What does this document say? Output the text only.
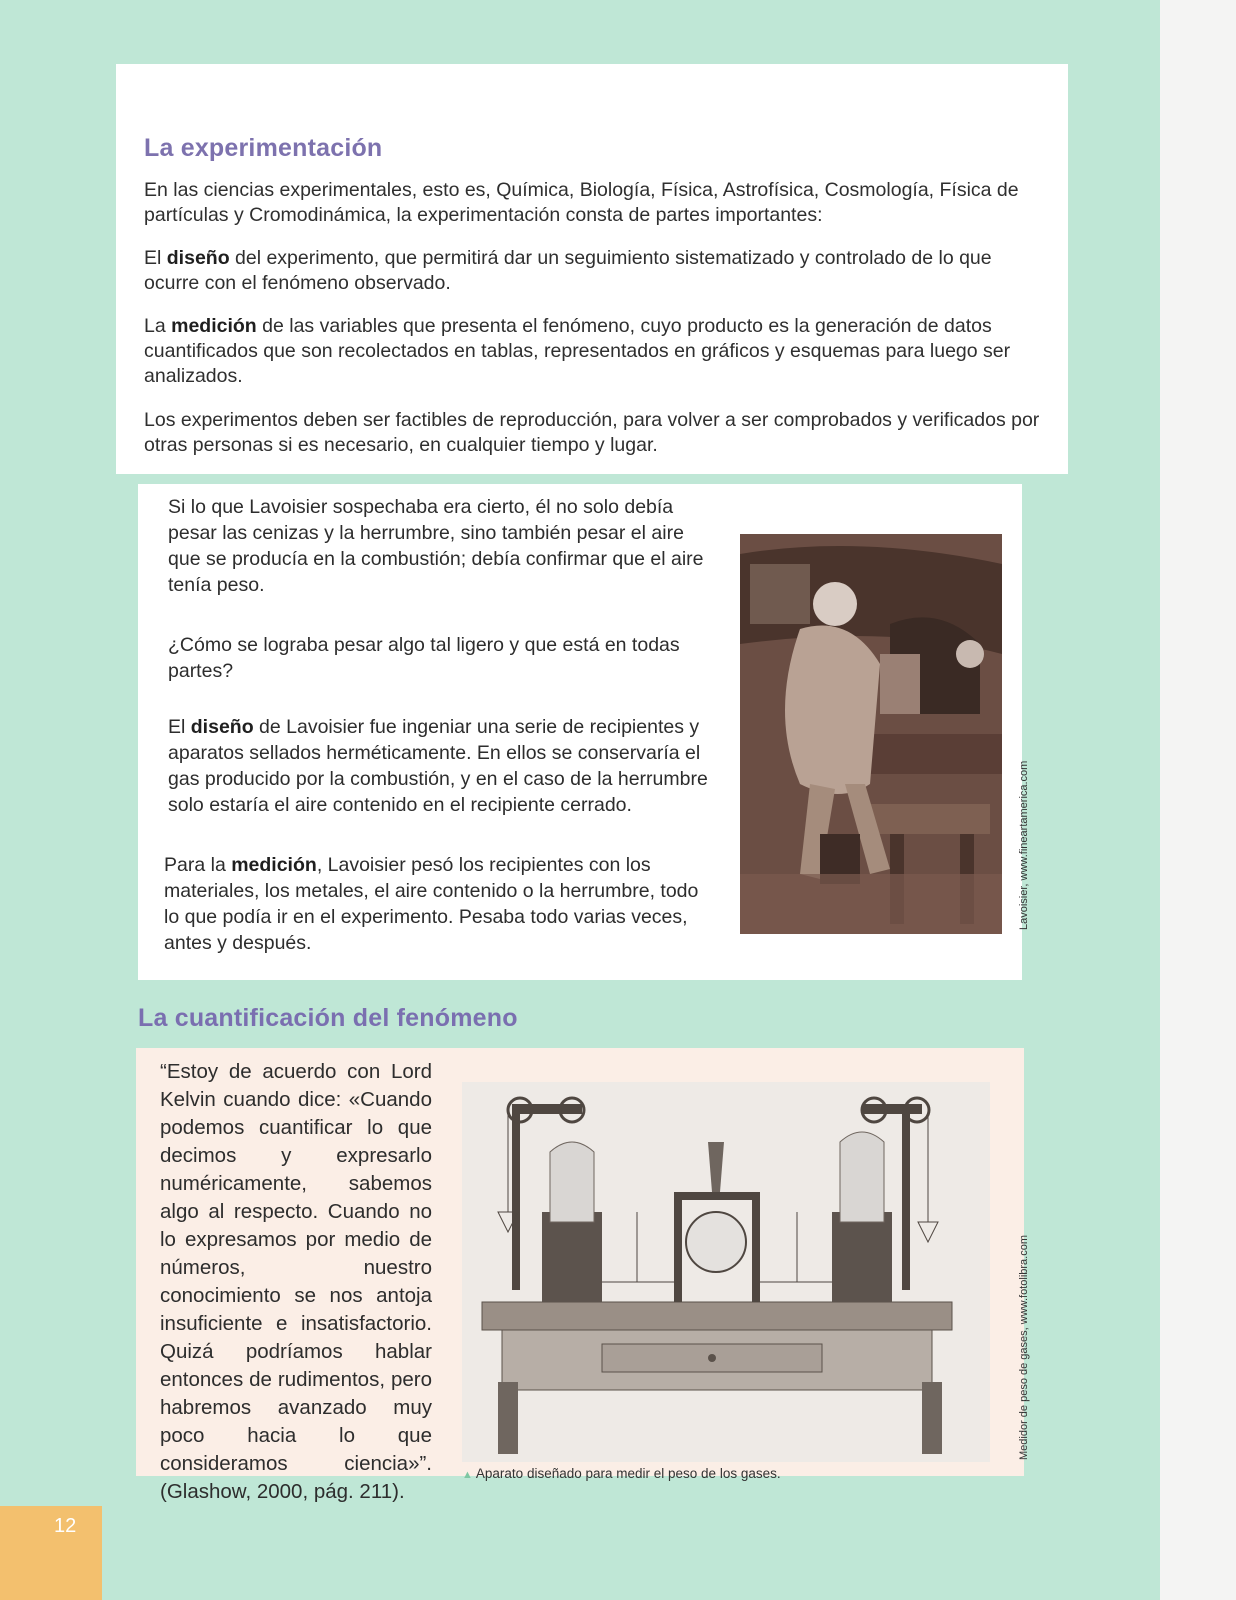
La experimentación

En las ciencias experimentales, esto es, Química, Biología, Física, Astrofísica, Cosmología, Física de partículas y Cromodinámica, la experimentación consta de partes importantes:

El diseño del experimento, que permitirá dar un seguimiento sistematizado y controlado de lo que ocurre con el fenómeno observado.

La medición de las variables que presenta el fenómeno, cuyo producto es la generación de datos cuantificados que son recolectados en tablas, representados en gráficos y esquemas para luego ser analizados.

Los experimentos deben ser factibles de reproducción, para volver a ser comprobados y verificados por otras personas si es necesario, en cualquier tiempo y lugar.

Si lo que Lavoisier sospechaba era cierto, él no solo debía pesar las cenizas y la herrumbre, sino también pesar el aire que se producía en la combustión; debía confirmar que el aire tenía peso.

¿Cómo se lograba pesar algo tal ligero y que está en todas partes?

El diseño de Lavoisier fue ingeniar una serie de recipientes y aparatos sellados herméticamente. En ellos se conservaría el gas producido por la combustión, y en el caso de la herrumbre solo estaría el aire contenido en el recipiente cerrado.

Para la medición, Lavoisier pesó los recipientes con los materiales, los metales, el aire contenido o la herrumbre, todo lo que podía ir en el experimento. Pesaba todo varias veces, antes y después.

Lavoisier, www.fineartamerica.com

La cuantificación del fenómeno

“Estoy de acuerdo con Lord Kelvin cuando dice: «Cuando podemos cuantificar lo que decimos y expresarlo numéricamente, sabemos algo al respecto. Cuando no lo expresamos por medio de números, nuestro conocimiento se nos antoja insuficiente e insatisfactorio. Quizá podríamos hablar entonces de rudimentos, pero habremos avanzado muy poco hacia lo que consideramos ciencia»”. (Glashow, 2000, pág. 211).

▲ Aparato diseñado para medir el peso de los gases.

Medidor de peso de gases, www.fotolibra.com

12
